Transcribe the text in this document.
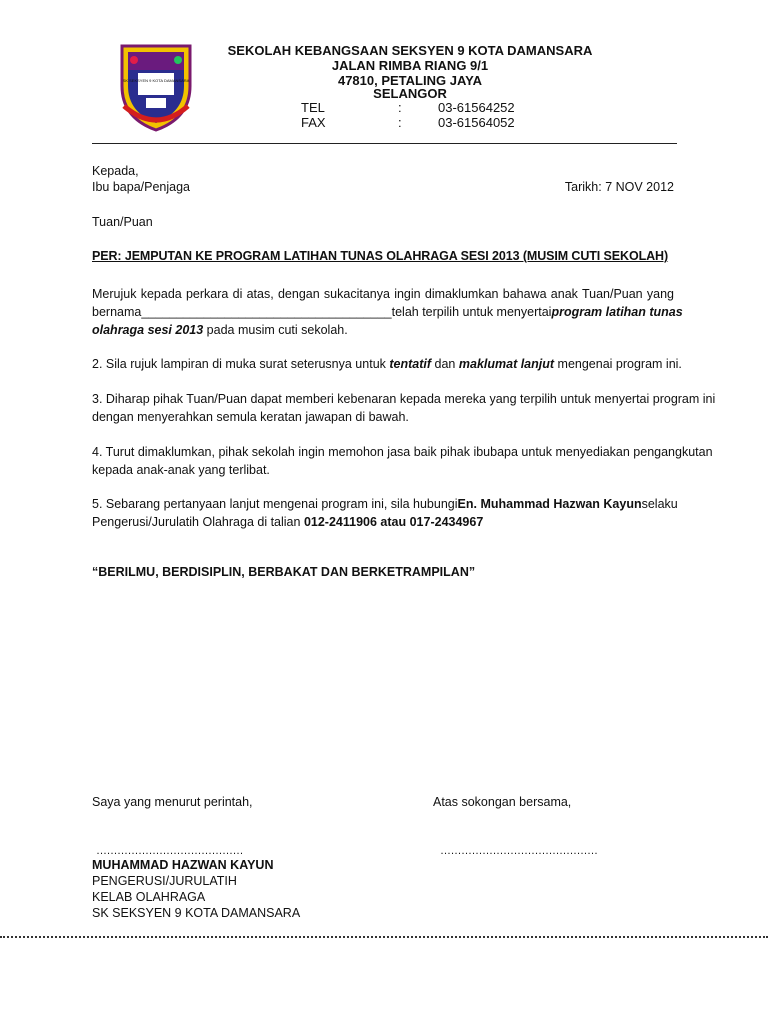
SK SEKSYEN 9 KOTA DAMANSARA
SEKOLAH KEBANGSAAN SEKSYEN 9 KOTA DAMANSARA
JALAN RIMBA RIANG 9/1
47810, PETALING JAYA
SELANGOR
TEL	:	03-61564252
FAX	:	03-61564052
Kepada,
Ibu bapa/Penjaga	Tarikh: 7 NOV 2012
Tuan/Puan
PER: JEMPUTAN KE PROGRAM LATIHAN TUNAS OLAHRAGA SESI 2013 (MUSIM CUTI SEKOLAH)
Merujuk kepada perkara di atas, dengan sukacitanya ingin dimaklumkan bahawa anak Tuan/Puan yang
bernama ____________________________________ telah terpilih untuk menyertai program latihan tunas
olahraga sesi 2013 pada musim cuti sekolah.
2. Sila rujuk lampiran di muka surat seterusnya untuk tentatif dan maklumat lanjut mengenai program ini.
3. Diharap pihak Tuan/Puan dapat memberi kebenaran kepada mereka yang terpilih untuk menyertai program ini
dengan menyerahkan semula keratan jawapan di bawah.
4. Turut dimaklumkan, pihak sekolah ingin memohon jasa baik pihak ibubapa untuk menyediakan pengangkutan
kepada anak-anak yang terlibat.
5. Sebarang pertanyaan lanjut mengenai program ini, sila hubungi En. Muhammad Hazwan Kayun selaku
Pengerusi/Jurulatih Olahraga di talian 012-2411906 atau 017-2434967
“BERILMU, BERDISIPLIN, BERBAKAT DAN BERKETRAMPILAN”
Saya yang menurut perintah,	Atas sokongan bersama,
……………………………………	………………………………………
MUHAMMAD HAZWAN KAYUN
PENGERUSI/JURULATIH
KELAB OLAHRAGA
SK SEKSYEN 9 KOTA DAMANSARA
